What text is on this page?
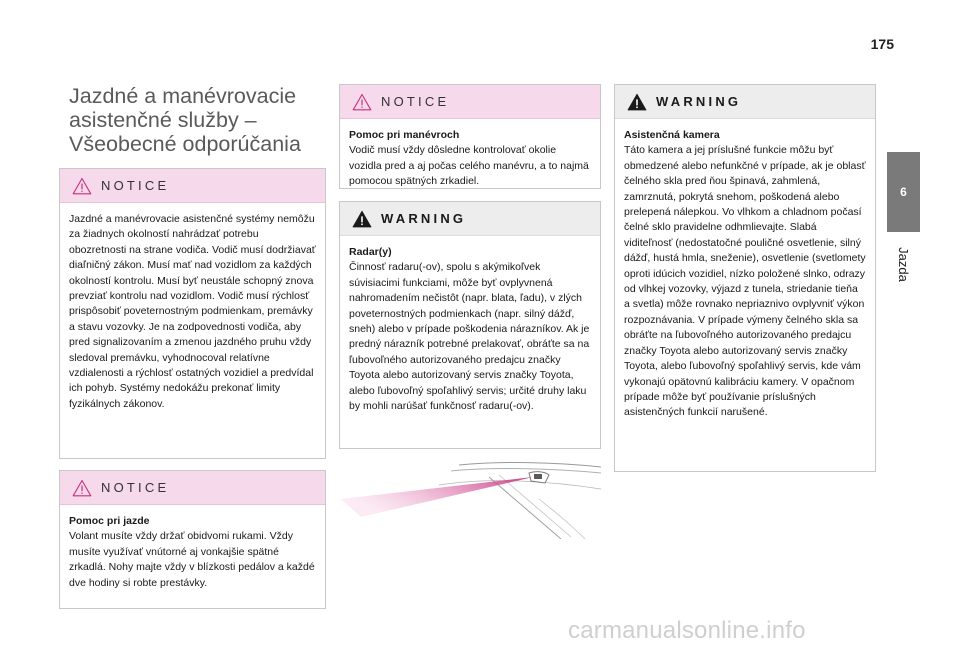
175
6
Jazda
Jazdné a manévrovacie
asistenčné služby –
Všeobecné odporúčania
NOTICE
Jazdné a manévrovacie asistenčné systémy nemôžu za žiadnych okolností nahrádzať potrebu obozretnosti na strane vodiča. Vodič musí dodržiavať diaľničný zákon. Musí mať nad vozidlom za každých okolností kontrolu. Musí byť neustále schopný znova prevziať kontrolu nad vozidlom. Vodič musí rýchlosť prispôsobiť poveternostným podmienkam, premávky a stavu vozovky. Je na zodpovednosti vodiča, aby pred signalizovaním a zmenou jazdného pruhu vždy sledoval premávku, vyhodnocoval relatívne vzdialenosti a rýchlosť ostatných vozidiel a predvídal ich pohyb. Systémy nedokážu prekonať limity fyzikálnych zákonov.
NOTICE
Pomoc pri jazde
Volant musíte vždy držať obidvomi rukami. Vždy musíte využívať vnútorné aj vonkajšie spätné zrkadlá. Nohy majte vždy v blízkosti pedálov a každé dve hodiny si robte prestávky.
NOTICE
Pomoc pri manévroch
Vodič musí vždy dôsledne kontrolovať okolie vozidla pred a aj počas celého manévru, a to najmä pomocou spätných zrkadiel.
WARNING
Radar(y)
Činnosť radaru(-ov), spolu s akýmikoľvek súvisiacimi funkciami, môže byť ovplyvnená nahromadením nečistôt (napr. blata, ľadu), v zlých poveternostných podmienkach (napr. silný dážď, sneh) alebo v prípade poškodenia nárazníkov. Ak je predný nárazník potrebné prelakovať, obráťte sa na ľubovoľného autorizovaného predajcu značky Toyota alebo autorizovaný servis značky Toyota, alebo ľubovoľný spoľahlivý servis; určité druhy laku by mohli narúšať funkčnosť radaru(-ov).
WARNING
Asistenčná kamera
Táto kamera a jej príslušné funkcie môžu byť obmedzené alebo nefunkčné v prípade, ak je oblasť čelného skla pred ňou špinavá, zahmlená, zamrznutá, pokrytá snehom, poškodená alebo prelepená nálepkou. Vo vlhkom a chladnom počasí čelné sklo pravidelne odhmlievajte. Slabá viditeľnosť (nedostatočné pouličné osvetlenie, silný dážď, hustá hmla, sneženie), osvetlenie (svetlomety oproti idúcich vozidiel, nízko položené slnko, odrazy od vlhkej vozovky, výjazd z tunela, striedanie tieňa a svetla) môže rovnako nepriaznivo ovplyvniť výkon rozpoznávania. V prípade výmeny čelného skla sa obráťte na ľubovoľného autorizovaného predajcu značky Toyota alebo autorizovaný servis značky Toyota, alebo ľubovoľný spoľahlivý servis, kde vám vykonajú opätovnú kalibráciu kamery. V opačnom prípade môže byť používanie príslušných asistenčných funkcií narušené.
carmanualsonline.info
